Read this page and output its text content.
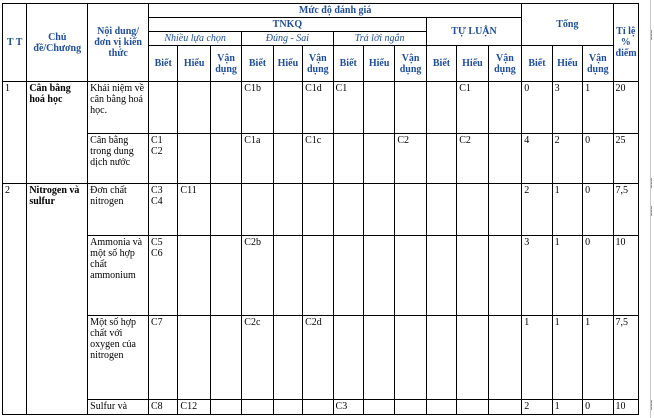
T T	Chủ đề/Chương	Nội dung/đơn vị kiến thức	Mức độ đánh giá												Tổng			Tỉ lệ % điểm
			TNKQ									TỰ LUẬN						
			Nhiều lựa chọn			Đúng - Sai			Trả lời ngắn									
			Biết	Hiểu	Vận dụng	Biết	Hiểu	Vận dụng	Biết	Hiểu	Vận dụng	Biết	Hiểu	Vận dụng	Biết	Hiểu	Vận dụng	
1	Cân bằng hoá học	Khái niệm về cân bằng hoá học.				C1b		C1d	C1				C1		0	3	1	20
		Cân bằng trong dung dịch nước	C1 C2			C1a		C1c			C2		C2		4	2	0	25
2	Nitrogen và sulfur	Đơn chất nitrogen	C3 C4	C11											2	1	0	7,5
		Ammonia và một số hợp chất ammonium	C5 C6			C2b									3	1	0	10
		Một số hợp chất với oxygen của nitrogen	C7			C2c		C2d							1	1	1	7,5
		Sulfur và	C8	C12					C3						2	1	0	10
